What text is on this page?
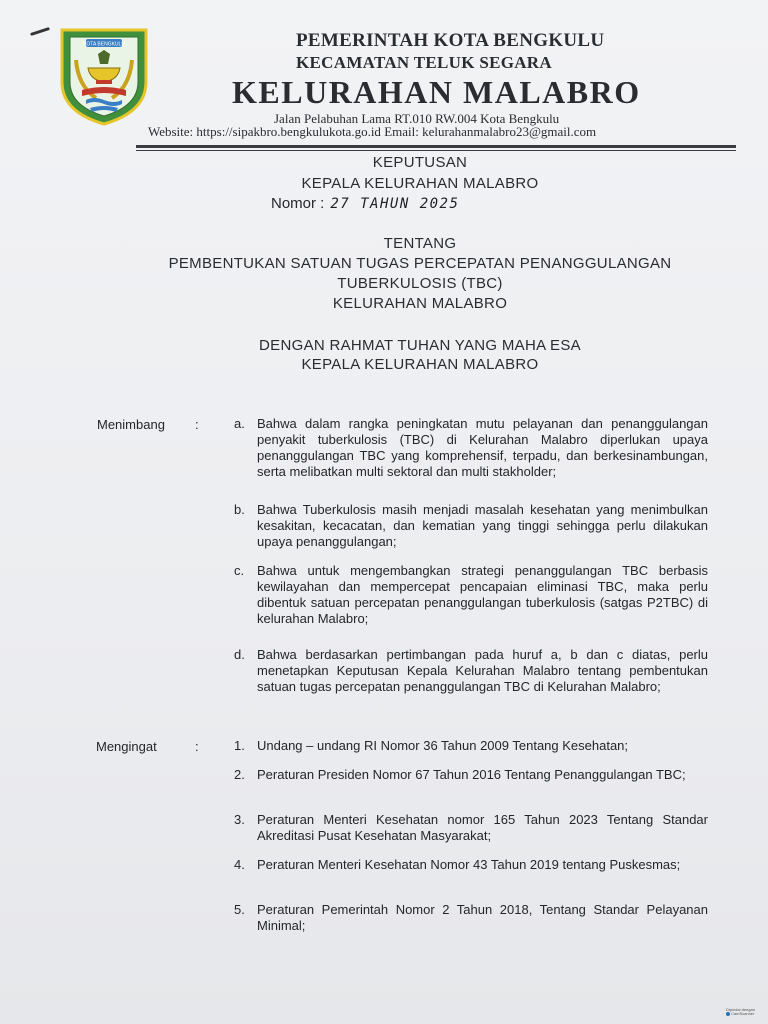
KOTA BENGKULU	PEMERINTAH KOTA BENGKULU
KECAMATAN TELUK SEGARA
KELURAHAN MALABRO
Jalan Pelabuhan Lama RT.010 RW.004 Kota Bengkulu
Website: https://sipakbro.bengkulukota.go.id Email: kelurahanmalabro23@gmail.com
KEPUTUSAN
KEPALA KELURAHAN MALABRO
Nomor : 27 TAHUN 2025
TENTANG
PEMBENTUKAN SATUAN TUGAS PERCEPATAN PENANGGULANGAN
TUBERKULOSIS (TBC)
KELURAHAN MALABRO
DENGAN RAHMAT TUHAN YANG MAHA ESA
KEPALA KELURAHAN MALABRO
Menimbang :	a. Bahwa dalam rangka peningkatan mutu pelayanan dan penanggulangan penyakit tuberkulosis (TBC) di Kelurahan Malabro diperlukan upaya penanggulangan TBC yang komprehensif, terpadu, dan berkesinambungan, serta melibatkan multi sektoral dan multi stakholder;
b. Bahwa Tuberkulosis masih menjadi masalah kesehatan yang menimbulkan kesakitan, kecacatan, dan kematian yang tinggi sehingga perlu dilakukan upaya penanggulangan;
c. Bahwa untuk mengembangkan strategi penanggulangan TBC berbasis kewilayahan dan mempercepat pencapaian eliminasi TBC, maka perlu dibentuk satuan percepatan penanggulangan tuberkulosis (satgas P2TBC) di kelurahan Malabro;
d. Bahwa berdasarkan pertimbangan pada huruf a, b dan c diatas, perlu menetapkan Keputusan Kepala Kelurahan Malabro tentang pembentukan satuan tugas percepatan penanggulangan TBC di Kelurahan Malabro;
Mengingat	:	1. Undang – undang RI Nomor 36 Tahun 2009 Tentang Kesehatan;
2. Peraturan Presiden Nomor 67 Tahun 2016 Tentang Penanggulangan TBC;
3. Peraturan Menteri Kesehatan nomor 165 Tahun 2023 Tentang Standar Akreditasi Pusat Kesehatan Masyarakat;
4. Peraturan Menteri Kesehatan Nomor 43 Tahun 2019 tentang Puskesmas;
5. Peraturan Pemerintah Nomor 2 Tahun 2018, Tentang Standar Pelayanan Minimal;
Dipindai dengan
CamScanner
